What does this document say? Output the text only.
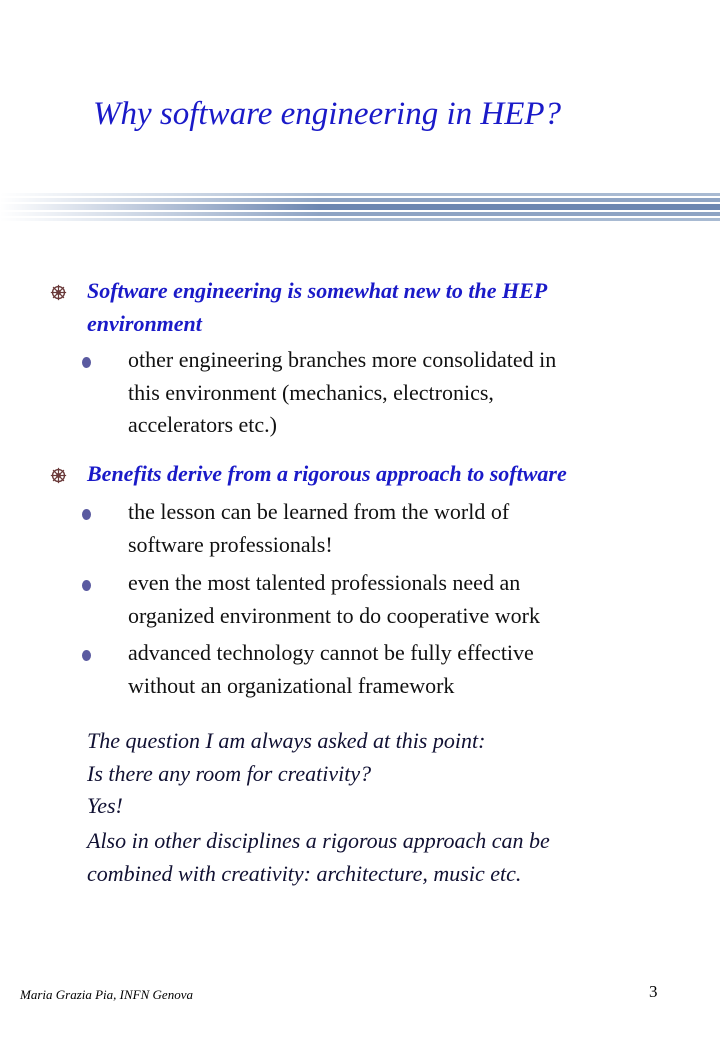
Why software engineering in HEP?
Software engineering is somewhat new to the HEP
environment
other engineering branches more consolidated in
this environment (mechanics, electronics,
accelerators etc.)
Benefits derive from a rigorous approach to software
the lesson can be learned from the world of
software professionals!
even the most talented professionals need an
organized environment to do cooperative work
advanced technology cannot be fully effective
without an organizational framework
The question I am always asked at this point:
Is there any room for creativity?
Yes!
Also in other disciplines a rigorous approach can be
combined with creativity: architecture, music etc.
Maria Grazia Pia, INFN Genova	3
